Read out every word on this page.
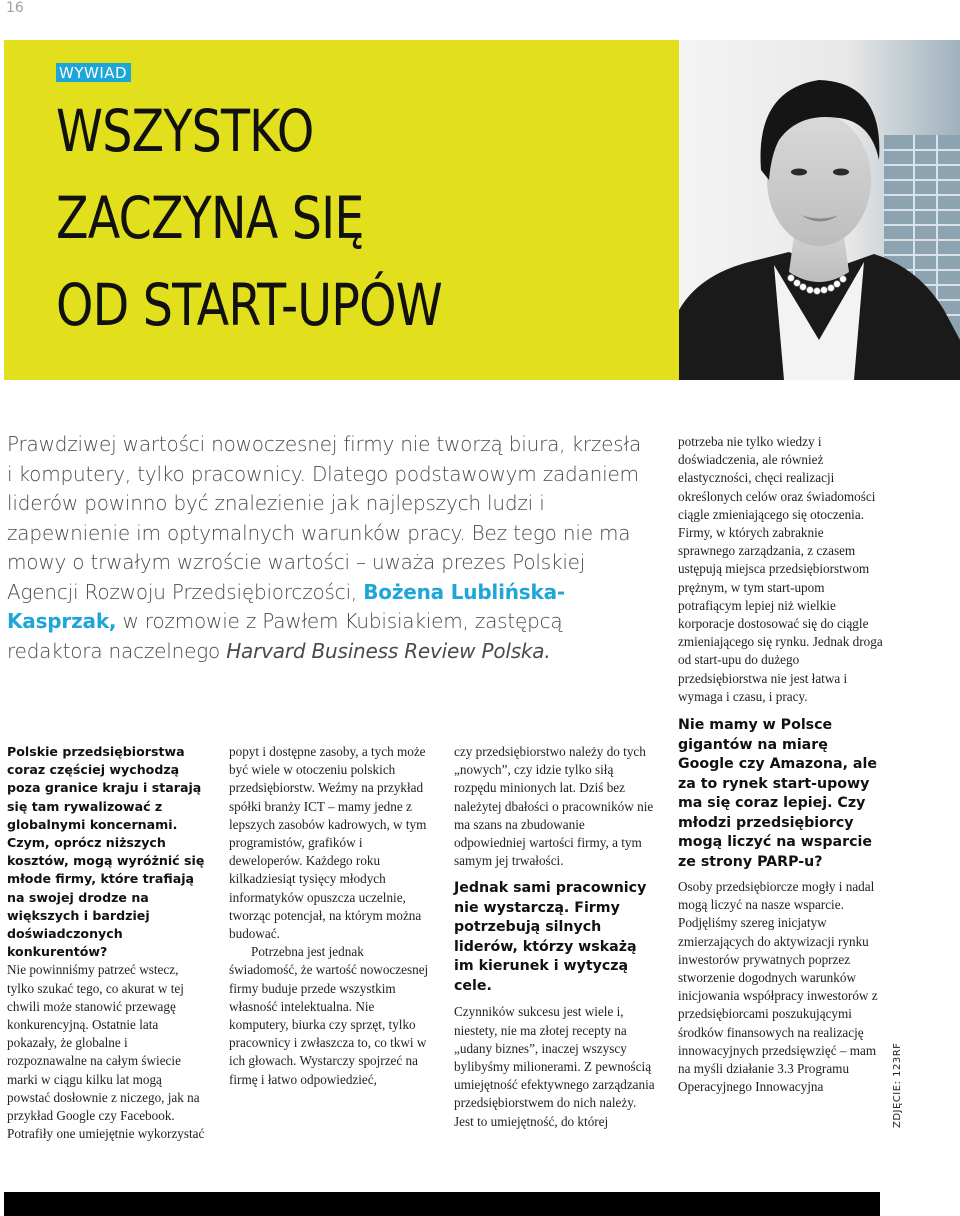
16
WYWIAD
WSZYSTKO
ZACZYNA SIĘ
OD START-UPÓW
Prawdziwej wartości nowoczesnej firmy nie tworzą biura, krzesła i komputery, tylko pracownicy. Dlatego podstawowym zadaniem liderów powinno być znalezienie jak najlepszych ludzi i zapewnienie im optymalnych warunków pracy. Bez tego nie ma mowy o trwałym wzroście wartości – uważa prezes Polskiej Agencji Rozwoju Przedsiębiorczości, Bożena Lublińska-Kasprzak, w rozmowie z Pawłem Kubisiakiem, zastępcą redaktora naczelnego Harvard Business Review Polska.

Polskie przedsiębiorstwa coraz częściej wychodzą poza granice kraju i starają się tam rywalizować z globalnymi koncernami. Czym, oprócz niższych kosztów, mogą wyróżnić się młode firmy, które trafiają na swojej drodze na większych i bardziej doświadczonych konkurentów?

Nie powinniśmy patrzeć wstecz, tylko szukać tego, co akurat w tej chwili może stanowić przewagę konkurencyjną. Ostatnie lata pokazały, że globalne i rozpoznawalne na całym świecie marki w ciągu kilku lat mogą powstać dosłownie z niczego, jak na przykład Google czy Facebook. Potrafiły one umiejętnie wykorzystać

popyt i dostępne zasoby, a tych może być wiele w otoczeniu polskich przedsiębiorstw. Weźmy na przykład spółki branży ICT – mamy jedne z lepszych zasobów kadrowych, w tym programistów, grafików i deweloperów. Każdego roku kilkadziesiąt tysięcy młodych informatyków opuszcza uczelnie, tworząc potencjał, na którym można budować.

Potrzebna jest jednak świadomość, że wartość nowoczesnej firmy buduje przede wszystkim własność intelektualna. Nie komputery, biurka czy sprzęt, tylko pracownicy i zwłaszcza to, co tkwi w ich głowach. Wystarczy spojrzeć na firmę i łatwo odpowiedzieć,

czy przedsiębiorstwo należy do tych „nowych”, czy idzie tylko siłą rozpędu minionych lat. Dziś bez należytej dbałości o pracowników nie ma szans na zbudowanie odpowiedniej wartości firmy, a tym samym jej trwałości.

Jednak sami pracownicy nie wystarczą. Firmy potrzebują silnych liderów, którzy wskażą im kierunek i wytyczą cele.

Czynników sukcesu jest wiele i, niestety, nie ma złotej recepty na „udany biznes”, inaczej wszyscy bylibyśmy milionerami. Z pewnością umiejętność efektywnego zarządzania przedsiębiorstwem do nich należy. Jest to umiejętność, do której

potrzeba nie tylko wiedzy i doświadczenia, ale również elastyczności, chęci realizacji określonych celów oraz świadomości ciągle zmieniającego się otoczenia. Firmy, w których zabraknie sprawnego zarządzania, z czasem ustępują miejsca przedsiębiorstwom prężnym, w tym start-upom potrafiącym lepiej niż wielkie korporacje dostosować się do ciągle zmieniającego się rynku. Jednak droga od start-upu do dużego przedsiębiorstwa nie jest łatwa i wymaga i czasu, i pracy.

Nie mamy w Polsce gigantów na miarę Google czy Amazona, ale za to rynek start-upowy ma się coraz lepiej. Czy młodzi przedsiębiorcy mogą liczyć na wsparcie ze strony PARP-u?

Osoby przedsiębiorcze mogły i nadal mogą liczyć na nasze wsparcie. Podjęliśmy szereg inicjatyw zmierzających do aktywizacji rynku inwestorów prywatnych poprzez stworzenie dogodnych warunków inicjowania współpracy inwestorów z przedsiębiorcami poszukującymi środków finansowych na realizację innowacyjnych przedsięwzięć – mam na myśli działanie 3.3 Programu Operacyjnego Innowacyjna	ZDJĘCIE: 123RF
